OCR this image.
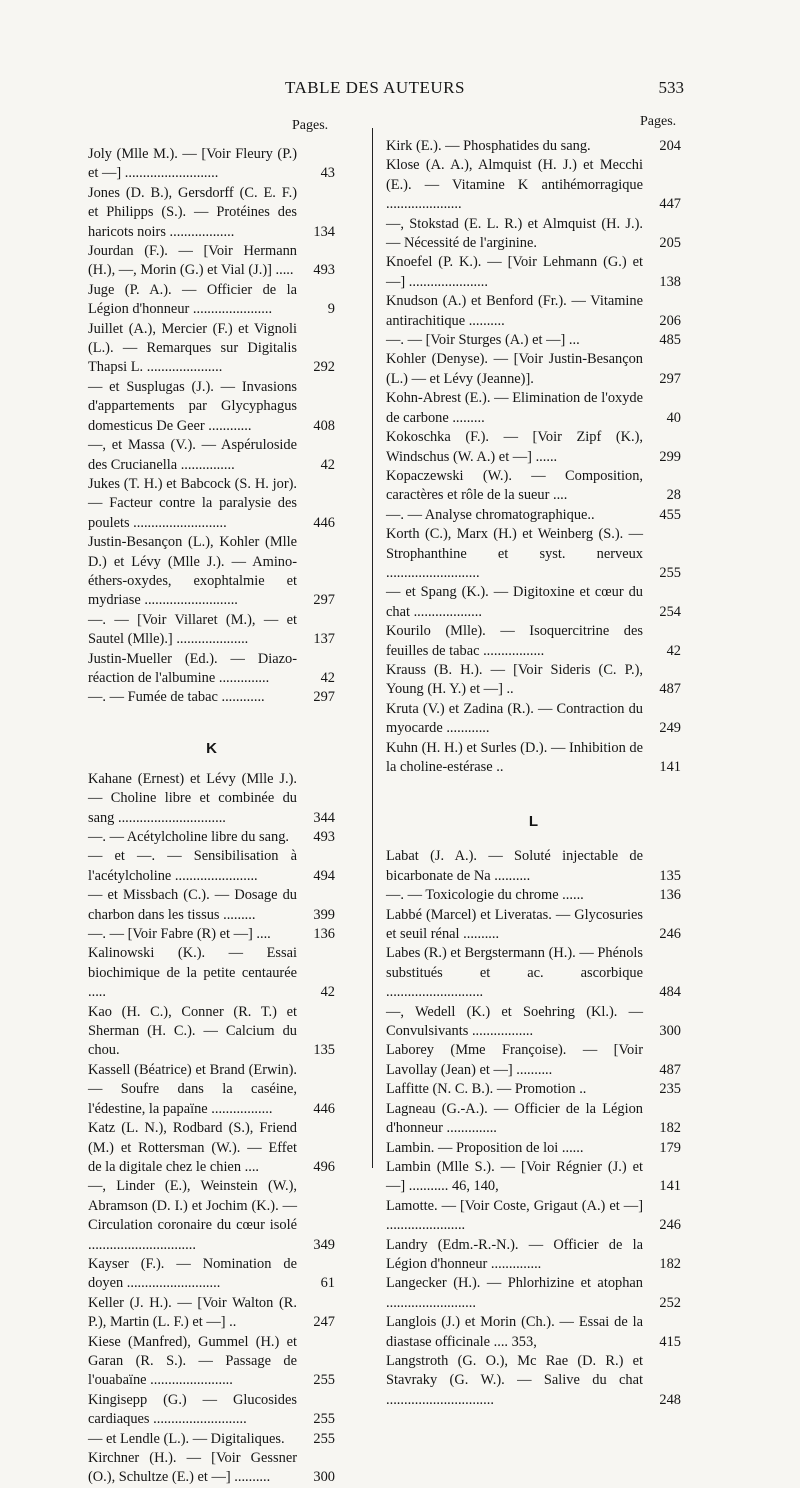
TABLE DES AUTEURS	533
Pages.	Pages.
Joly (Mlle M.). — [Voir Fleury (P.) et —] ..........................	43
Jones (D. B.), Gersdorff (C. E. F.) et Philipps (S.). — Protéines des haricots noirs ..................	134
Jourdan (F.). — [Voir Hermann (H.), —, Morin (G.) et Vial (J.)] ..... 493
Juge (P. A.). — Officier de la Légion d'honneur ......................	9
Juillet (A.), Mercier (F.) et Vignoli (L.). — Remarques sur Digitalis Thapsi L. .....................	292
— et Susplugas (J.). — Invasions d'appartements par Glycyphagus domesticus De Geer ............	408
—, et Massa (V.). — Aspéruloside des Crucianella ...............	42
Jukes (T. H.) et Babcock (S. H. jor). — Facteur contre la paralysie des poulets ..........................	446
Justin-Besançon (L.), Kohler (Mlle D.) et Lévy (Mlle J.). — Amino-éthers-oxydes, exophtalmie et mydriase ..........................	297
—. — [Voir Villaret (M.), — et Sautel (Mlle).] ....................	137
Justin-Mueller (Ed.). — Diazo-réaction de l'albumine ..............	42
—. — Fumée de tabac ............	297
K
Kahane (Ernest) et Lévy (Mlle J.). — Choline libre et combinée du sang ..............................	344
—. — Acétylcholine libre du sang. 493
— et —. — Sensibilisation à l'acétylcholine .......................	494
— et Missbach (C.). — Dosage du charbon dans les tissus .........	399
—. — [Voir Fabre (R) et —] ....	136
Kalinowski (K.). — Essai biochimique de la petite centaurée .....	42
Kao (H. C.), Conner (R. T.) et Sherman (H. C.). — Calcium du chou.	135
Kassell (Béatrice) et Brand (Erwin). — Soufre dans la caséine, l'édestine, la papaïne .................	446
Katz (L. N.), Rodbard (S.), Friend (M.) et Rottersman (W.). — Effet de la digitale chez le chien ....	496
—, Linder (E.), Weinstein (W.), Abramson (D. I.) et Jochim (K.). — Circulation coronaire du cœur isolé ..............................	349
Kayser (F.). — Nomination de doyen ..........................	61
Keller (J. H.). — [Voir Walton (R. P.), Martin (L. F.) et —] ..	247
Kiese (Manfred), Gummel (H.) et Garan (R. S.). — Passage de l'ouabaïne .......................	255
Kingisepp (G.) — Glucosides cardiaques ..........................	255
— et Lendle (L.). — Digitaliques. 255
Kirchner (H.). — [Voir Gessner (O.), Schultze (E.) et —] ..........	300
Kirk (E.). — Phosphatides du sang.	204
Klose (A. A.), Almquist (H. J.) et Mecchi (E.). — Vitamine K antihémorragique .....................	447
—, Stokstad (E. L. R.) et Almquist (H. J.). — Nécessité de l'arginine.	205
Knoefel (P. K.). — [Voir Lehmann (G.) et —] ......................	138
Knudson (A.) et Benford (Fr.). — Vitamine antirachitique ..........	206
—. — [Voir Sturges (A.) et —] ...	485
Kohler (Denyse). — [Voir Justin-Besançon (L.) — et Lévy (Jeanne)].	297
Kohn-Abrest (E.). — Elimination de l'oxyde de carbone .........	40
Kokoschka (F.). — [Voir Zipf (K.), Windschus (W. A.) et —] ......	299
Kopaczewski (W.). — Composition, caractères et rôle de la sueur ....	28
—. — Analyse chromatographique..	455
Korth (C.), Marx (H.) et Weinberg (S.). — Strophanthine et syst. nerveux ..........................	255
— et Spang (K.). — Digitoxine et cœur du chat ...................	254
Kourilo (Mlle). — Isoquercitrine des feuilles de tabac .................	42
Krauss (B. H.). — [Voir Sideris (C. P.), Young (H. Y.) et —] ..	487
Kruta (V.) et Zadina (R.). — Contraction du myocarde ............	249
Kuhn (H. H.) et Surles (D.). — Inhibition de la choline-estérase ..	141
L
Labat (J. A.). — Soluté injectable de bicarbonate de Na ..........	135
—. — Toxicologie du chrome ......	136
Labbé (Marcel) et Liveratas. — Glycosuries et seuil rénal ..........	246
Labes (R.) et Bergstermann (H.). — Phénols substitués et ac. ascorbique ...........................	484
—, Wedell (K.) et Soehring (Kl.). — Convulsivants .................	300
Laborey (Mme Françoise). — [Voir Lavollay (Jean) et —] ..........	487
Laffitte (N. C. B.). — Promotion ..	235
Lagneau (G.-A.). — Officier de la Légion d'honneur ..............	182
Lambin. — Proposition de loi ......	179
Lambin (Mlle S.). — [Voir Régnier (J.) et —] ........... 46, 140,	141
Lamotte. — [Voir Coste, Grigaut (A.) et —] ......................	246
Landry (Edm.-R.-N.). — Officier de la Légion d'honneur ..............	182
Langecker (H.). — Phlorhizine et atophan .........................	252
Langlois (J.) et Morin (Ch.). — Essai de la diastase officinale .... 353,	415
Langstroth (G. O.), Mc Rae (D. R.) et Stavraky (G. W.). — Salive du chat ..............................	248
